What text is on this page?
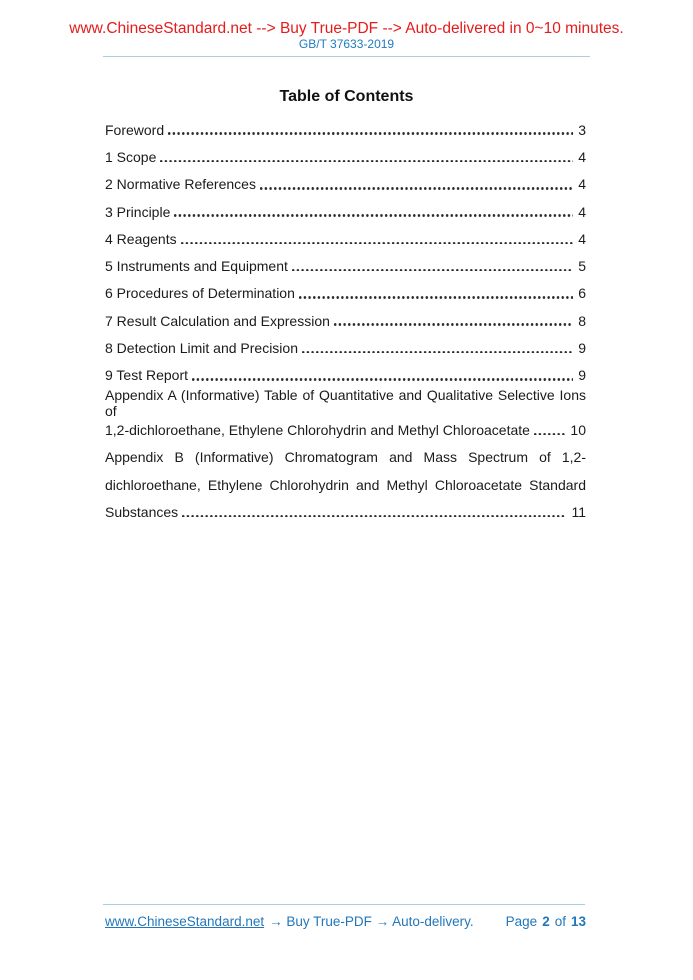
www.ChineseStandard.net --> Buy True-PDF --> Auto-delivered in 0~10 minutes.
GB/T 37633-2019
Table of Contents
Foreword	3
1 Scope	4
2 Normative References	4
3 Principle	4
4 Reagents	4
5 Instruments and Equipment	5
6 Procedures of Determination	6
7 Result Calculation and Expression	8
8 Detection Limit and Precision	9
9 Test Report	9
Appendix A (Informative) Table of Quantitative and Qualitative Selective Ions of
1,2-dichloroethane, Ethylene Chlorohydrin and Methyl Chloroacetate	10
Appendix B (Informative) Chromatogram and Mass Spectrum of 1,2-
dichloroethane, Ethylene Chlorohydrin and Methyl Chloroacetate Standard
Substances	11
www.ChineseStandard.net → Buy True-PDF → Auto-delivery. Page 2 of 13
